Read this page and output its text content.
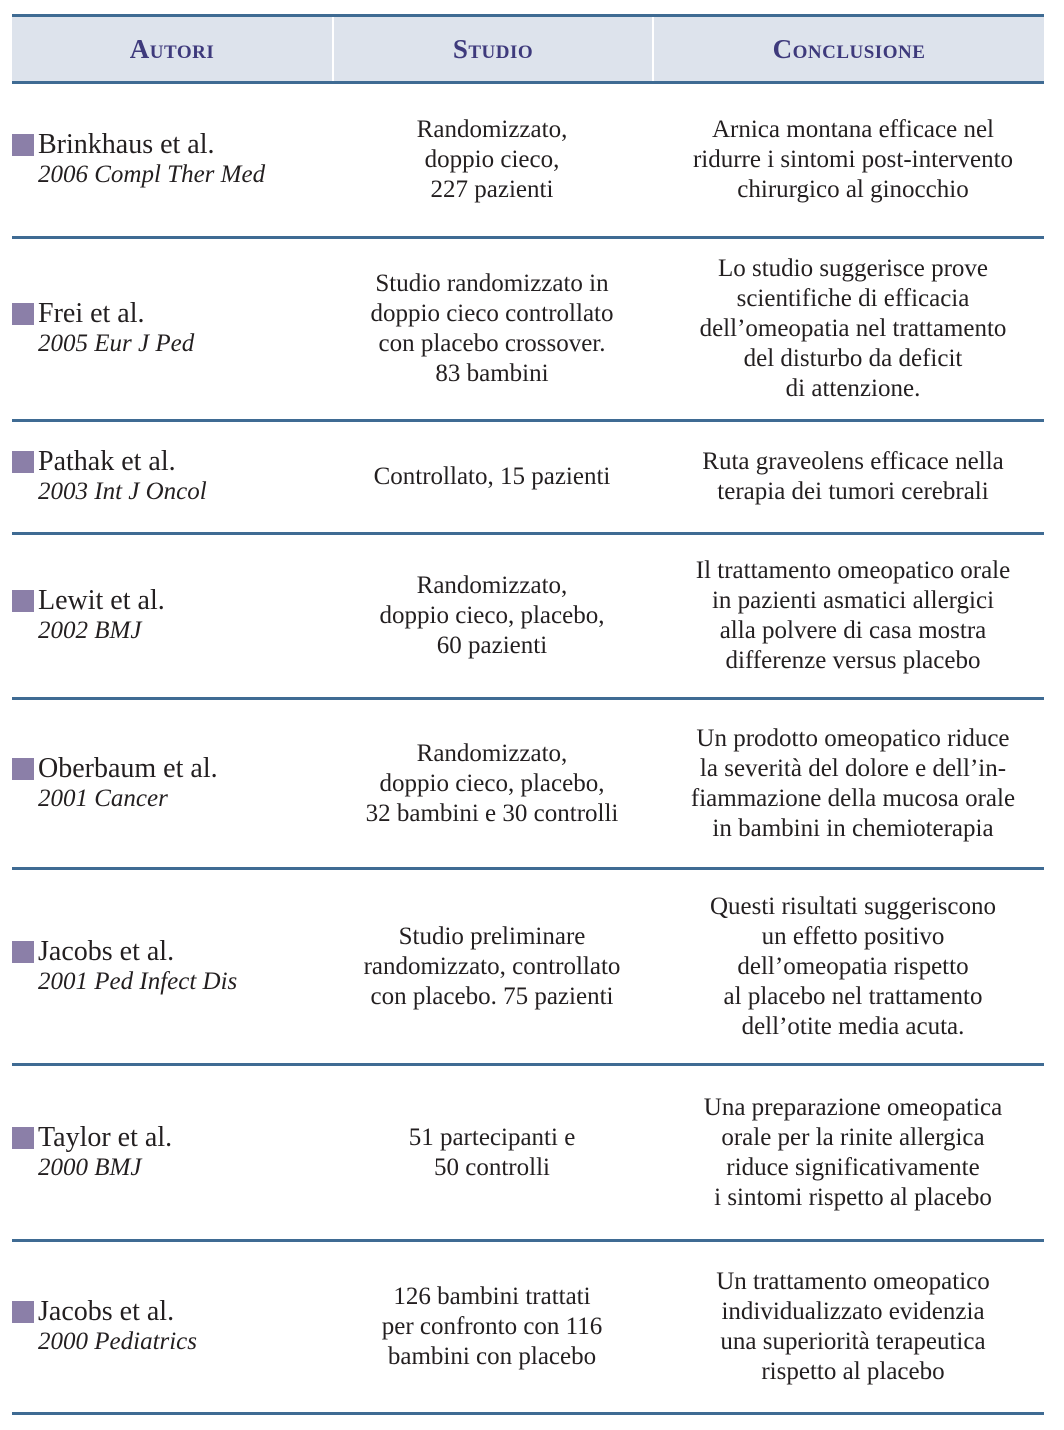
Autori	Studio	Conclusione
Brinkhaus et al.
2006 Compl Ther Med
Randomizzato,
doppio cieco,
227 pazienti
Arnica montana efficace nel
ridurre i sintomi post-intervento
chirurgico al ginocchio
Frei et al.
2005 Eur J Ped
Studio randomizzato in
doppio cieco controllato
con placebo crossover.
83 bambini
Lo studio suggerisce prove
scientifiche di efficacia
dell’omeopatia nel trattamento
del disturbo da deficit
di attenzione.
Pathak et al.
2003 Int J Oncol
Controllato, 15 pazienti
Ruta graveolens efficace nella
terapia dei tumori cerebrali
Lewit et al.
2002 BMJ
Randomizzato,
doppio cieco, placebo,
60 pazienti
Il trattamento omeopatico orale
in pazienti asmatici allergici
alla polvere di casa mostra
differenze versus placebo
Oberbaum et al.
2001 Cancer
Randomizzato,
doppio cieco, placebo,
32 bambini e 30 controlli
Un prodotto omeopatico riduce
la severità del dolore e dell’in-
fiammazione della mucosa orale
in bambini in chemioterapia
Jacobs et al.
2001 Ped Infect Dis
Studio preliminare
randomizzato, controllato
con placebo. 75 pazienti
Questi risultati suggeriscono
un effetto positivo
dell’omeopatia rispetto
al placebo nel trattamento
dell’otite media acuta.
Taylor et al.
2000 BMJ
51 partecipanti e
50 controlli
Una preparazione omeopatica
orale per la rinite allergica
riduce significativamente
i sintomi rispetto al placebo
Jacobs et al.
2000 Pediatrics
126 bambini trattati
per confronto con 116
bambini con placebo
Un trattamento omeopatico
individualizzato evidenzia
una superiorità terapeutica
rispetto al placebo
